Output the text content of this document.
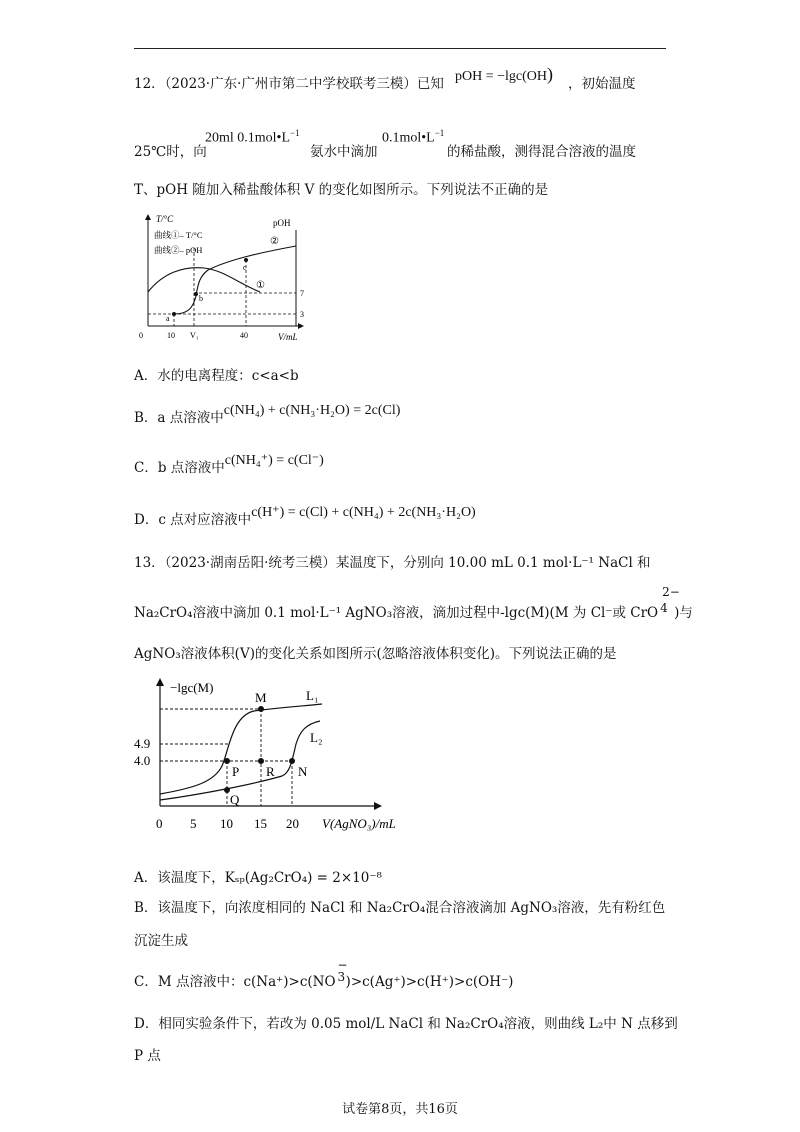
12．（2023·广东·广州市第二中学校联考三模）已知 pOH = −lgc(OH) ，初始温度
25℃时，向
20ml $0.1mol•L^{-1}$
氨水中滴加
$0.1mol•L^{-1}$
的稀盐酸，测得混合溶液的温度
T、pOH 随加入稀盐酸体积 V 的变化如图所示。下列说法不正确的是
T/°C	pOH
曲线①– T/°C
曲线②– pOH
②
①
a
b
c
0	10 V₁	40	V/mL
7
3
A．水的电离程度：c<a<b
B．a 点溶液中c(NH₄) + c(NH₃·H₂O) = 2c(Cl)
C．b 点溶液中c(NH₄⁺) = c(Cl⁻)
D．c 点对应溶液中c(H⁺) = c(Cl) + c(NH₄) + 2c(NH₃·H₂O)
13．（2023·湖南岳阳·统考三模）某温度下，分别向 10.00 mL 0.1 mol·L⁻¹ NaCl 和
Na₂CrO₄溶液中滴加 0.1 mol·L⁻¹ AgNO₃溶液，滴加过程中-lgc(M)(M 为 Cl⁻或 CrO
2−
4 )与
AgNO₃溶液体积(V)的变化关系如图所示(忽略溶液体积变化)。下列说法正确的是
−lgc(M)
V(AgNO₃)/mL
0 5 10 15 20
4.9
4.0
M
P R N
Q
L₁
L₂
A．该温度下，Kₛₚ(Ag₂CrO₄) = 2×10⁻⁸
B．该温度下，向浓度相同的 NaCl 和 Na₂CrO₄混合溶液滴加 AgNO₃溶液，先有粉红色
沉淀生成
C．M 点溶液中：c(Na⁺)>c(NO
−
3 )>c(Ag⁺)>c(H⁺)>c(OH⁻)
D．相同实验条件下，若改为 0.05 mol/L NaCl 和 Na₂CrO₄溶液，则曲线 L₂中 N 点移到
P 点
试卷第8页，共16页
